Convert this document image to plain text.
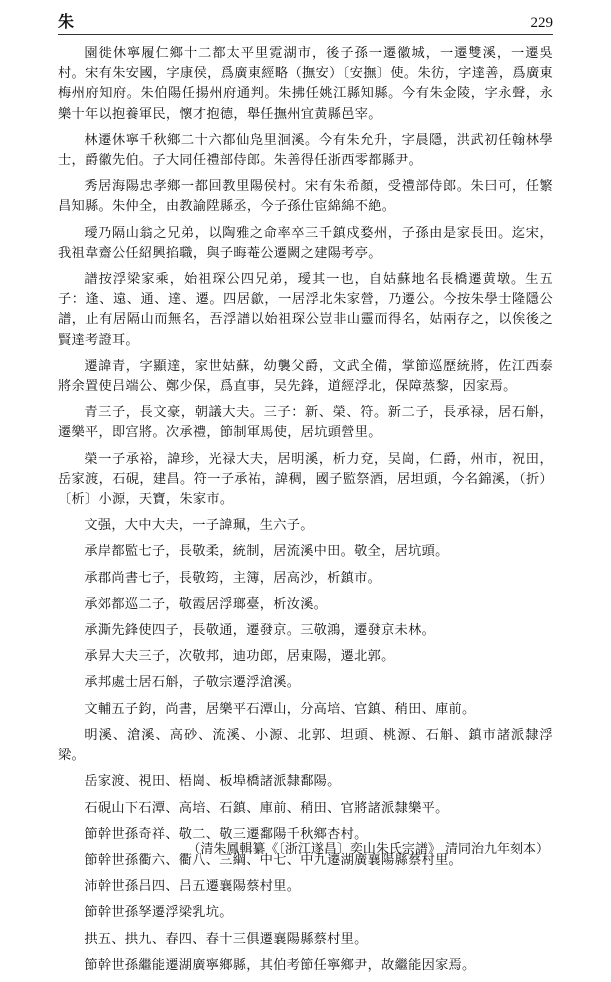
朱	229

園徙休寧履仁鄉十二都太平里霓湖市，後子孫一遷徽城，一遷雙溪，一遷吳村。宋有朱安國，字康侯，爲廣東經略（撫安）〔安撫〕使。朱彷，字達善，爲廣東梅州府知府。朱伯陽任揚州府通判。朱拂任姚江縣知縣。今有朱金陵，字永聲，永樂十年以抱養軍民，懷才抱德，舉任撫州宜黄縣邑宰。

林遷休寧千秋鄉二十六都仙凫里洄溪。今有朱允升，字晨隱，洪武初任翰林學士，爵徽先伯。子大同任禮部侍郎。朱善得任浙西零都縣尹。

秀居海陽忠孝鄉一都回教里陽侯村。宋有朱希顏，受禮部侍郎。朱曰可，任繁昌知縣。朱仲全，由教諭陞縣丞，今子孫仕宦綿綿不絶。

璦乃隔山翁之兄弟，以陶雅之命率卒三千鎮戍婺州，子孫由是家長田。迄宋，我祖韋齋公任紹興掐職，與子晦菴公遷闕之建陽考亭。

譜按浮梁家乘，始祖琛公四兄弟，璦其一也，自姑蘇地名長橋遷黄墩。生五子：逢、遠、通、達、遷。四居歙，一居浮北朱家營，乃遷公。今按朱學士隆隱公譜，止有居隔山而無名，吾浮譜以始祖琛公豈非山靈而得名，姑兩存之，以俟後之賢達考證耳。

遷諱青，字顯達，家世姑蘇，幼襲父爵，文武全備，掌節巡歷統將，佐江西泰將余置使吕端公、鄭少保，爲直事，吴先鋒，道經浮北，保障蒸黎，因家焉。

青三子，長文豪，朝議大夫。三子：新、榮、符。新二子，長承禄，居石斛，遷樂平，即宫將。次承禮，節制軍馬使，居坑頭營里。

榮一子承裕，諱珍，光禄大夫，居明溪，析力兗，吴崗，仁爵，州市，祝田，岳家渡，石硯，建昌。符一子承祐，諱稠，國子監祭酒，居坦頭，今名錦溪，（折）〔析〕小源，天寶，朱家市。

文强，大中大夫，一子諱珮，生六子。

承岸都監七子，長敬柔，統制，居流溪中田。敬全，居坑頭。

承郡尚書七子，長敬筠，主簿，居高沙，析鎮市。

承郊都巡二子，敬霞居浮瑯臺，析汝溪。

承澌先鋒使四子，長敬通，遷發京。三敬鴻，遷發京未林。

承昇大夫三子，次敬邦，迪功郎，居東陽，遷北郭。

承邦處士居石斛，子敬宗遷浮滄溪。

文輔五子鈞，尚書，居樂平石潭山，分高培、官鎮、稍田、庫前。

明溪、滄溪、高砂、流溪、小源、北郭、坦頭、桃源、石斛、鎮市諸派隸浮梁。

岳家渡、視田、梧崗、板埠橋諸派隸鄱陽。

石硯山下石潭、高培、石鎮、庫前、稍田、官將諸派隸樂平。

節幹世孫奇祥、敬二、敬三遷鄱陽千秋鄉杏村。

節幹世孫衢六、衢八、三綱、中七、中九遷湖廣襄陽縣蔡村里。

沛幹世孫吕四、吕五遷襄陽蔡村里。

節幹世孫孥遷浮梁乳坑。

拱五、拱九、春四、春十三俱遷襄陽縣蔡村里。

節幹世孫繼能遷湖廣寧鄉縣，其伯考節任寧鄉尹，故繼能因家焉。

（清朱鳳輯纂《〔浙江遂昌〕奕山朱氏宗譜》 清同治九年刻本）
